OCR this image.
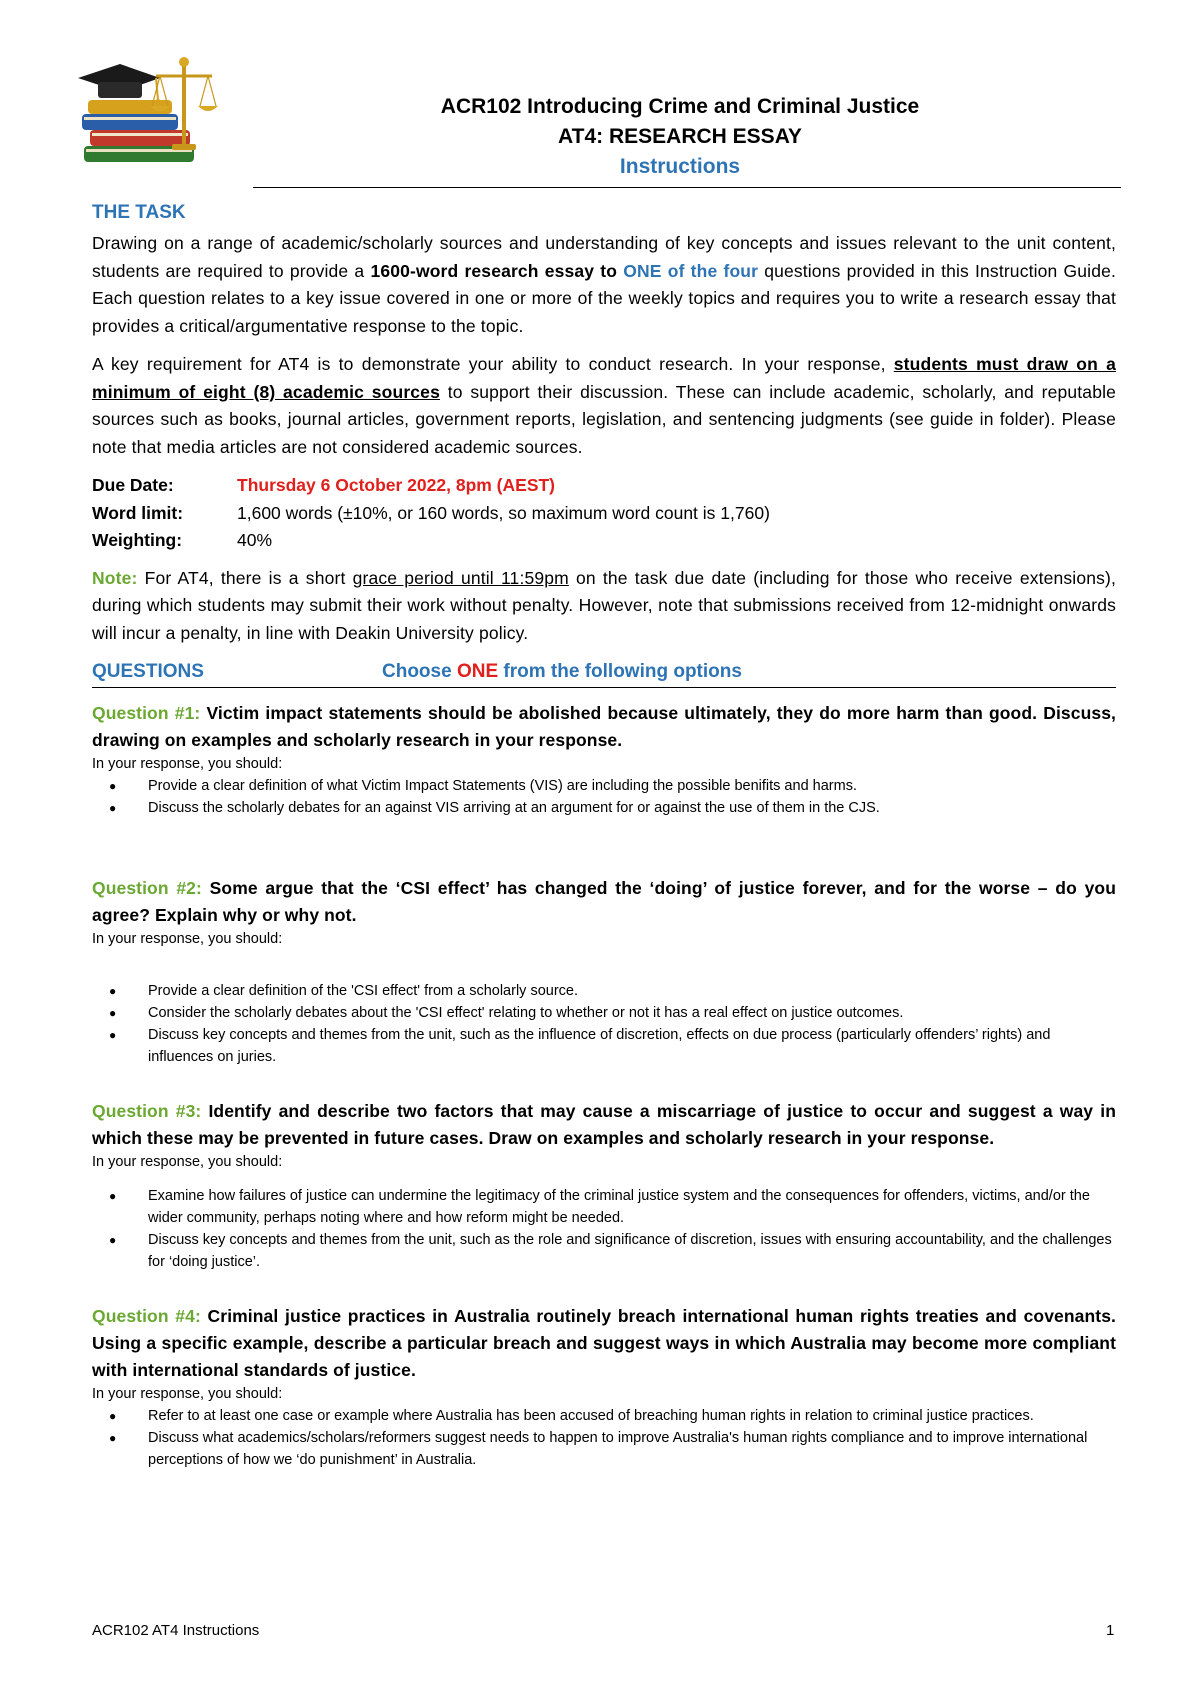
ACR102 Introducing Crime and Criminal Justice
AT4: RESEARCH ESSAY
Instructions
THE TASK

Drawing on a range of academic/scholarly sources and understanding of key concepts and issues relevant to the unit content, students are required to provide a 1600-word research essay to ONE of the four questions provided in this Instruction Guide. Each question relates to a key issue covered in one or more of the weekly topics and requires you to write a research essay that provides a critical/argumentative response to the topic.

A key requirement for AT4 is to demonstrate your ability to conduct research. In your response, students must draw on a minimum of eight (8) academic sources to support their discussion. These can include academic, scholarly, and reputable sources such as books, journal articles, government reports, legislation, and sentencing judgments (see guide in folder). Please note that media articles are not considered academic sources.

Due Date:	Thursday 6 October 2022, 8pm (AEST)
Word limit:	1,600 words (±10%, or 160 words, so maximum word count is 1,760)
Weighting:	40%

Note: For AT4, there is a short grace period until 11:59pm on the task due date (including for those who receive extensions), during which students may submit their work without penalty. However, note that submissions received from 12-midnight onwards will incur a penalty, in line with Deakin University policy.

QUESTIONS	Choose ONE from the following options

Question #1: Victim impact statements should be abolished because ultimately, they do more harm than good. Discuss, drawing on examples and scholarly research in your response.

In your response, you should:

● Provide a clear definition of what Victim Impact Statements (VIS) are including the possible benifits and harms.
● Discuss the scholarly debates for an against VIS arriving at an argument for or against the use of them in the CJS.

Question #2: Some argue that the ‘CSI effect’ has changed the ‘doing’ of justice forever, and for the worse – do you agree? Explain why or why not.

In your response, you should:

● Provide a clear definition of the 'CSI effect' from a scholarly source.
● Consider the scholarly debates about the 'CSI effect' relating to whether or not it has a real effect on justice outcomes.
● Discuss key concepts and themes from the unit, such as the influence of discretion, effects on due process (particularly offenders’ rights) and influences on juries.

Question #3: Identify and describe two factors that may cause a miscarriage of justice to occur and suggest a way in which these may be prevented in future cases. Draw on examples and scholarly research in your response.

In your response, you should:

● Examine how failures of justice can undermine the legitimacy of the criminal justice system and the consequences for offenders, victims, and/or the wider community, perhaps noting where and how reform might be needed.
● Discuss key concepts and themes from the unit, such as the role and significance of discretion, issues with ensuring accountability, and the challenges for ‘doing justice’.

Question #4: Criminal justice practices in Australia routinely breach international human rights treaties and covenants. Using a specific example, describe a particular breach and suggest ways in which Australia may become more compliant with international standards of justice.

In your response, you should:

● Refer to at least one case or example where Australia has been accused of breaching human rights in relation to criminal justice practices.
● Discuss what academics/scholars/reformers suggest needs to happen to improve Australia's human rights compliance and to improve international perceptions of how we ‘do punishment’ in Australia.
ACR102 AT4 Instructions	1
